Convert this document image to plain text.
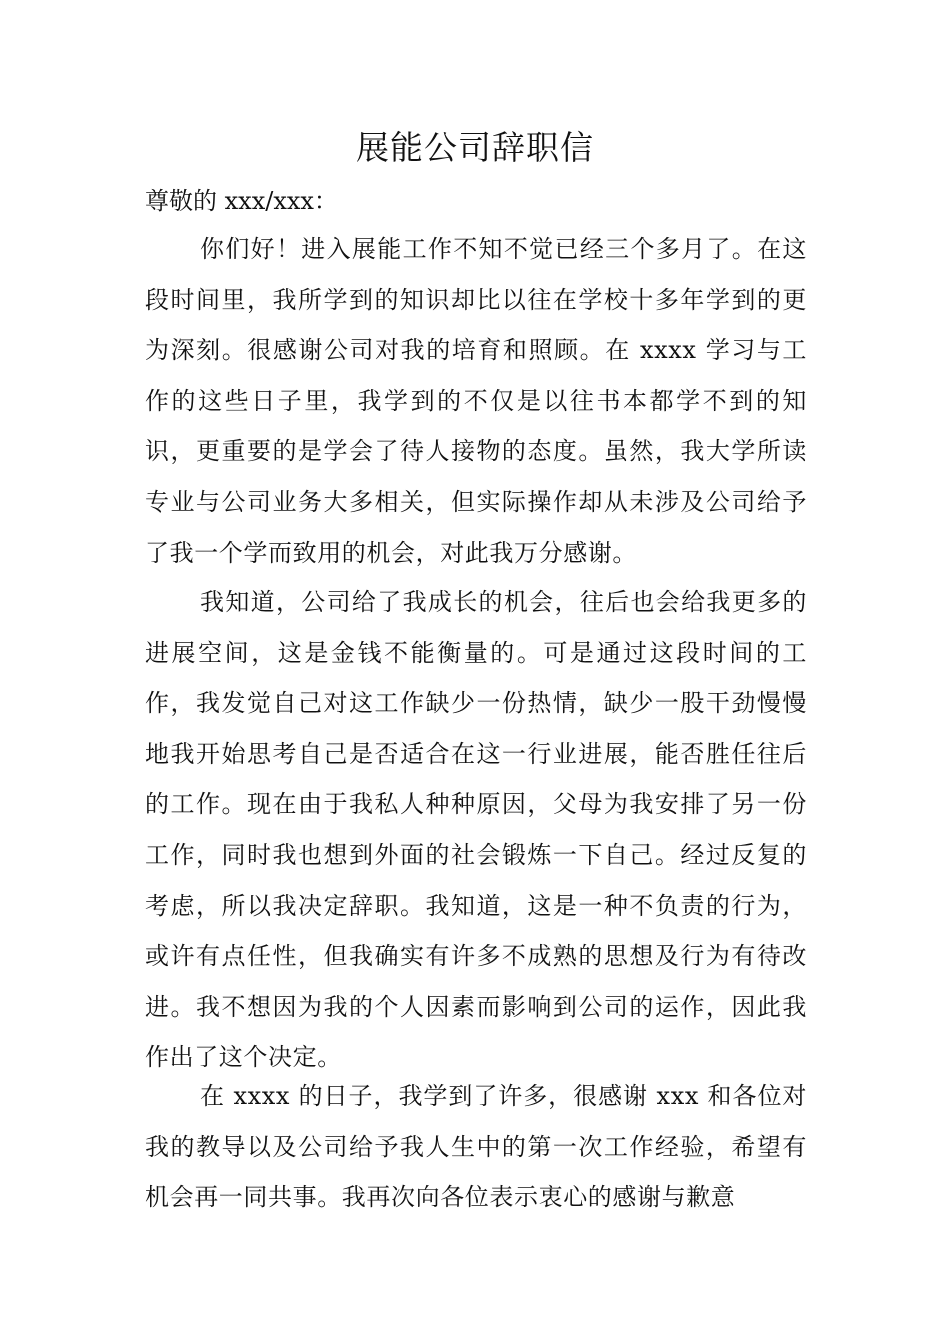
展能公司辞职信
尊敬的 xxx/xxx：

你们好！进入展能工作不知不觉已经三个多月了。在这段时间里，我所学到的知识却比以往在学校十多年学到的更为深刻。很感谢公司对我的培育和照顾。在 xxxx 学习与工作的这些日子里，我学到的不仅是以往书本都学不到的知识，更重要的是学会了待人接物的态度。虽然，我大学所读专业与公司业务大多相关，但实际操作却从未涉及公司给予了我一个学而致用的机会，对此我万分感谢。

我知道，公司给了我成长的机会，往后也会给我更多的进展空间，这是金钱不能衡量的。可是通过这段时间的工作，我发觉自己对这工作缺少一份热情，缺少一股干劲慢慢地我开始思考自己是否适合在这一行业进展，能否胜任往后的工作。现在由于我私人种种原因，父母为我安排了另一份工作，同时我也想到外面的社会锻炼一下自己。经过反复的考虑，所以我决定辞职。我知道，这是一种不负责的行为，或许有点任性，但我确实有许多不成熟的思想及行为有待改进。我不想因为我的个人因素而影响到公司的运作，因此我作出了这个决定。

在 xxxx 的日子，我学到了许多，很感谢 xxx 和各位对我的教导以及公司给予我人生中的第一次工作经验，希望有机会再一同共事。我再次向各位表示衷心的感谢与歉意
